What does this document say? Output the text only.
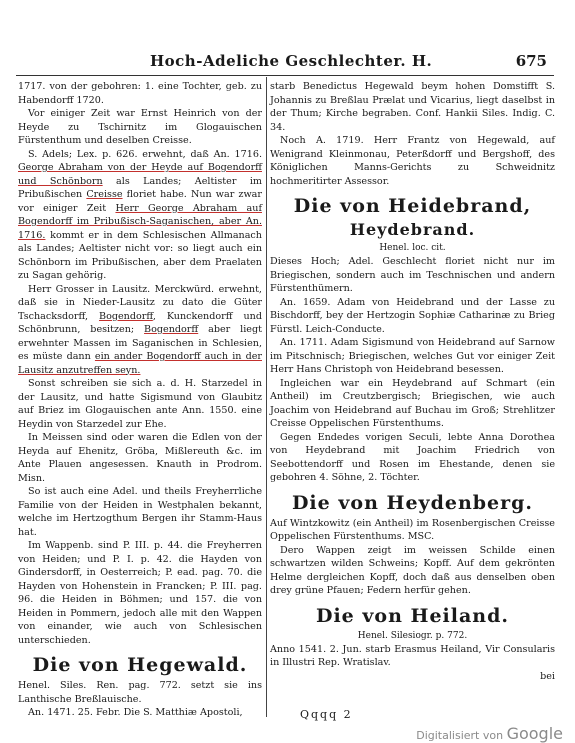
Hoch-Adeliche Geschlechter. H.	675

1717. von der gebohren: 1. eine Tochter, geb. zu Habendorff 1720.

Vor einiger Zeit war Ernst Heinrich von der Heyde zu Tschirnitz im Glogauischen Fürstenthum und deselben Creisse.

S. Adels; Lex. p. 626. erwehnt, daß An. 1716. George Abraham von der Heyde auf Bogendorff und Schönborn als Landes; Aeltister im Pribußischen Creisse floriet habe. Nun war zwar vor einiger Zeit Herr George Abraham auf Bogendorff im Pribußisch-Saganischen, aber An. 1716. kommt er in dem Schlesischen Allmanach als Landes; Aeltister nicht vor: so liegt auch ein Schönborn im Pribußischen, aber dem Praelaten zu Sagan gehörig.

Herr Grosser in Lausitz. Merckwürd. erwehnt, daß sie in Nieder-Lausitz zu dato die Güter Tschacksdorff, Bogendorff, Kunckendorff und Schönbrunn, besitzen; Bogendorff aber liegt erwehnter Massen im Saganischen in Schlesien, es müste dann ein ander Bogendorff auch in der Lausitz anzutreffen seyn.

Sonst schreiben sie sich a. d. H. Starzedel in der Lausitz, und hatte Sigismund von Glaubitz auf Briez im Glogauischen ante Ann. 1550. eine Heydin von Starzedel zur Ehe.

In Meissen sind oder waren die Edlen von der Heyda auf Ehenitz, Gröba, Mißlereuth &c. im Ante Plauen angesessen. Knauth in Prodrom. Misn.

So ist auch eine Adel. und theils Freyherrliche Familie von der Heiden in Westphalen bekannt, welche im Hertzogthum Bergen ihr Stamm-Haus hat.

Im Wappenb. sind P. III. p. 44. die Freyherren von Heiden; und P. I. p. 42. die Hayden von Gindersdorff, in Oesterreich; P. ead. pag. 70. die Hayden von Hohenstein in Francken; P. III. pag. 96. die Heiden in Böhmen; und 157. die von Heiden in Pommern, jedoch alle mit den Wappen von einander, wie auch von Schlesischen unterschieden.

Die von Hegewald.

Henel. Siles. Ren. pag. 772. setzt sie ins Lanthische Breßlauische.

An. 1471. 25. Febr. Die S. Matthiæ Apostoli,

starb Benedictus Hegewald beym hohen Domstifft S. Johannis zu Breßlau Prælat und Vicarius, liegt daselbst in der Thum; Kirche begraben. Conf. Hankii Siles. Indig. C. 34.

Noch A. 1719. Herr Frantz von Hegewald, auf Wenigrand Kleinmonau, Peterßdorff und Bergshoff, des Königlichen Manns-Gerichts zu Schweidnitz hochmeritirter Assessor.

Die von Heidebrand,
Heydebrand.
Henel. loc. cit.

Dieses Hoch; Adel. Geschlecht floriet nicht nur im Briegischen, sondern auch im Teschnischen und andern Fürstenthümern.

An. 1659. Adam von Heidebrand und der Lasse zu Bischdorff, bey der Hertzogin Sophiæ Catharinæ zu Brieg Fürstl. Leich-Conducte.

An. 1711. Adam Sigismund von Heidebrand auf Sarnow im Pitschnisch; Briegischen, welches Gut vor einiger Zeit Herr Hans Christoph von Heidebrand besessen.

Ingleichen war ein Heydebrand auf Schmart (ein Antheil) im Creutzbergisch; Briegischen, wie auch Joachim von Heidebrand auf Buchau im Groß; Strehlitzer Creisse Oppelischen Fürstenthums.

Gegen Endedes vorigen Seculi, lebte Anna Dorothea von Heydebrand mit Joachim Friedrich von Seebottendorff und Rosen im Ehestande, denen sie gebohren 4. Söhne, 2. Töchter.

Die von Heydenberg.

Auf Wintzkowitz (ein Antheil) im Rosenbergischen Creisse Oppelischen Fürstenthums. MSC.

Dero Wappen zeigt im weissen Schilde einen schwartzen wilden Schweins; Kopff. Auf dem gekrönten Helme dergleichen Kopff, doch daß aus denselben oben drey grüne Pfauen; Federn herfür gehen.

Die von Heiland.
Henel. Silesiogr. p. 772.

Anno 1541. 2. Jun. starb Erasmus Heiland, Vir Consularis in Illustri Rep. Wratislav.

bei

Qqqq 2
Digitalisiert von Google
